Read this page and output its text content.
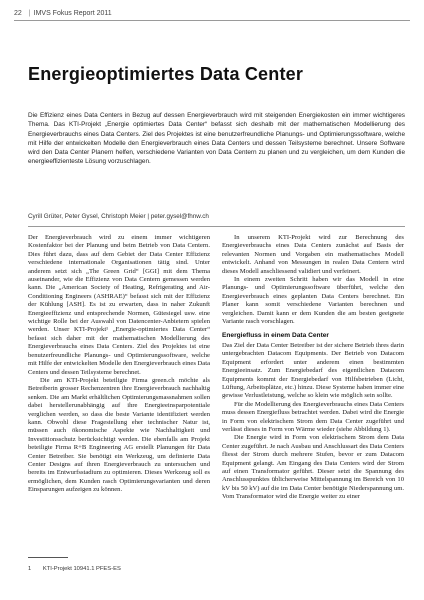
22 | IMVS Fokus Report 2011
Energieoptimiertes Data Center

Die Effizienz eines Data Centers in Bezug auf dessen Energieverbrauch wird mit steigenden Energiekosten ein immer wichtigeres Thema. Das KTI-Projekt „Energie optimiertes Data Center“ befasst sich deshalb mit der mathematischen Modellierung des Energieverbrauchs eines Data Centers. Ziel des Projektes ist eine benutzerfreundliche Planungs- und Optimierungssoftware, welche mit Hilfe der entwickelten Modelle den Energieverbrauch eines Data Centers und dessen Teilsysteme berechnet. Unsere Software wird den Data Center Planern helfen, verschiedene Varianten von Data Centern zu planen und zu vergleichen, um dem Kunden die energieeffizienteste Lösung vorzuschlagen.

Cyrill Grüter, Peter Gysel, Christoph Meier | peter.gysel@fhnw.ch

Der Energieverbrauch wird zu einem immer wichtigeren Kostenfaktor bei der Planung und beim Betrieb von Data Centern. Dies führt dazu, dass auf dem Gebiet der Data Center Effizienz verschiedene internationale Organisationen tätig sind. Unter anderem setzt sich „The Green Grid“ [GGI] mit dem Thema auseinander, wie die Effizienz von Data Centern gemessen werden kann. Die „American Society of Heating, Refrigerating and Air-Conditioning Engineers (ASHRAE)“ befasst sich mit der Effizienz der Kühlung [ASH]. Es ist zu erwarten, dass in naher Zukunft Energieeffizienz und entsprechende Normen, Gütesiegel usw. eine wichtige Rolle bei der Auswahl von Datencenter-Anbietern spielen werden. Unser KTI-Projekt¹ „Energie-optimiertes Data Center“ befasst sich daher mit der mathematischen Modellierung des Energieverbrauchs eines Data Centers. Ziel des Projektes ist eine benutzerfreundliche Planungs- und Optimierungssoftware, welche mit Hilfe der entwickelten Modelle den Energieverbrauch eines Data Centers und dessen Teilsysteme berechnet.

Die am KTI-Projekt beteiligte Firma green.ch möchte als Betreiberin grosser Rechenzentren ihre Energieverbrauch nachhaltig senken. Die am Markt erhältlichen Optimierungsmassnahmen sollen dabei herstellerunabhängig auf ihre Energieeinsparpotentiale verglichen werden, so dass die beste Variante identifiziert werden kann. Obwohl diese Fragestellung eher technischer Natur ist, müssen auch ökonomische Aspekte wie Nachhaltigkeit und Investitionsschutz berücksichtigt werden. Die ebenfalls am Projekt beteiligte Firma R+B Engineering AG erstellt Planungen für Data Center Betreiber. Sie benötigt ein Werkzeug, um definierte Data Center Designs auf ihren Energieverbrauch zu untersuchen und bereits im Entwurfsstadium zu optimieren. Dieses Werkzeug soll es ermöglichen, dem Kunden rasch Optimierungsvarianten und deren Einsparungen aufzeigen zu können.

In unserem KTI-Projekt wird zur Berechnung des Energieverbrauchs eines Data Centers zunächst auf Basis der relevanten Normen und Vorgaben ein mathematisches Modell entwickelt. Anhand von Messungen in realen Data Centern wird dieses Modell anschliessend validiert und verfeinert.

In einem zweiten Schritt haben wir das Modell in eine Planungs- und Optimierungssoftware überführt, welche den Energieverbrauch eines geplanten Data Centers berechnet. Ein Planer kann somit verschiedene Varianten berechnen und vergleichen. Damit kann er dem Kunden die am besten geeignete Variante rasch vorschlagen.

Energiefluss in einem Data Center

Das Ziel der Data Center Betreiber ist der sichere Betrieb ihres darin untergebrachten Datacom Equipments. Der Betrieb von Datacom Equipment erfordert unter anderem einen bestimmten Energieeinsatz. Zum Energiebedarf des eigentlichen Datacom Equipments kommt der Energiebedarf von Hilfsbetrieben (Licht, Lüftung, Arbeitsplätze, etc.) hinzu. Diese Systeme haben immer eine gewisse Verlustleistung, welche so klein wie möglich sein sollte.

Für die Modellierung des Energieverbrauchs eines Data Centers muss dessen Energiefluss betrachtet werden. Dabei wird die Energie in Form von elektrischem Strom dem Data Center zugeführt und verlässt dieses in Form von Wärme wieder (siehe Abbildung 1).

Die Energie wird in Form von elektrischem Strom dem Data Center zugeführt. Je nach Ausbau und Anschlussart des Data Centers fliesst der Strom durch mehrere Stufen, bevor er zum Datacom Equipment gelangt. Am Eingang des Data Centers wird der Strom auf einen Transformator geführt. Dieser setzt die Spannung des Anschlusspunktes üblicherweise Mittelspannung im Bereich von 10 kV bis 50 kV) auf die im Data Center benötigte Niederspannung um. Vom Transformator wird die Energie weiter zu einer

1 KTI-Projekt 10941.1 PFES-ES
